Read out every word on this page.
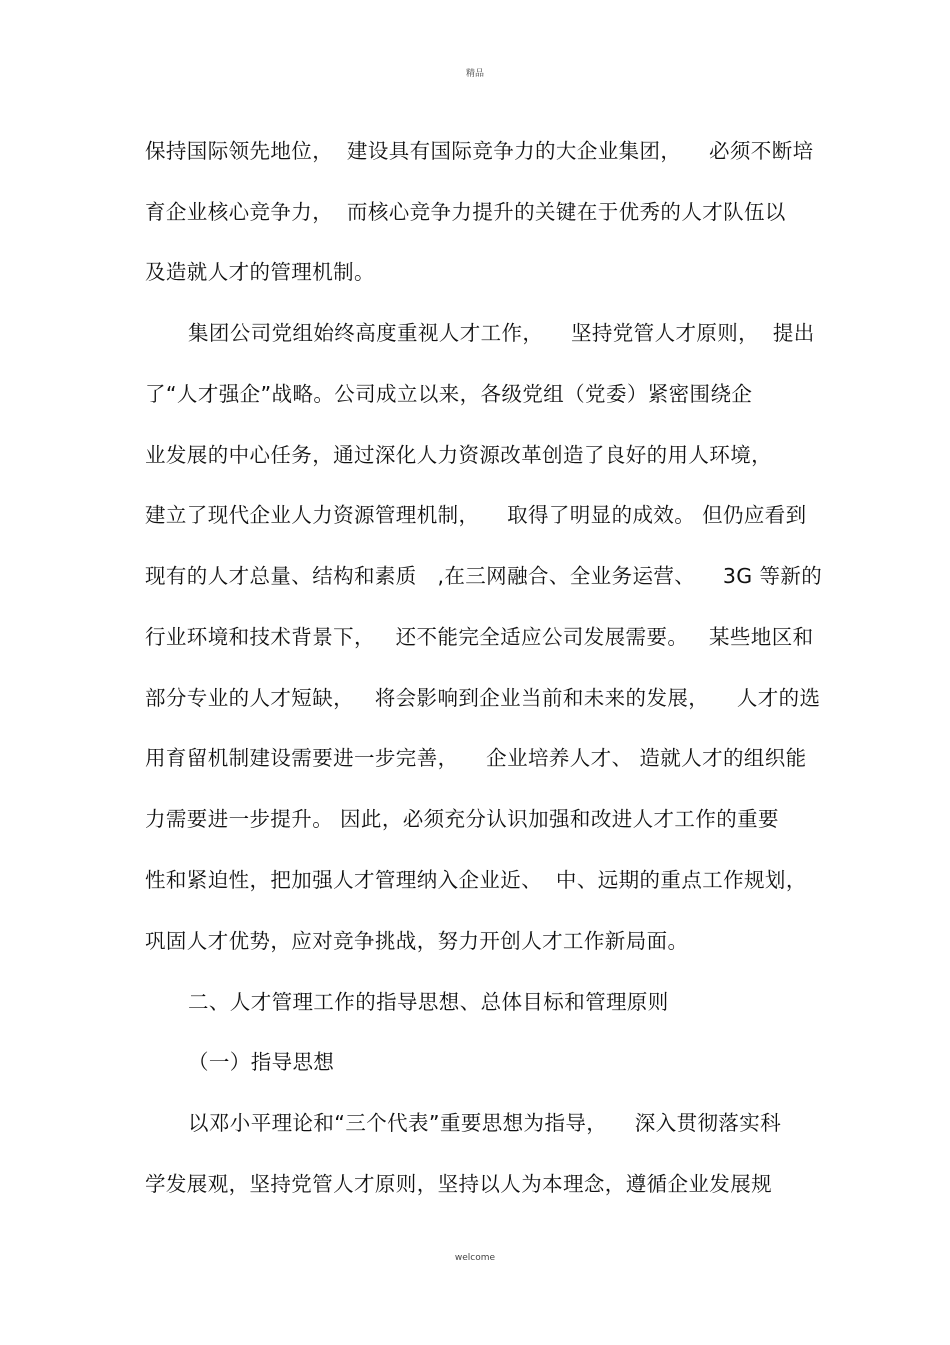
精品
保持国际领先地位，  建设具有国际竞争力的大企业集团，    必须不断培
育企业核心竞争力，  而核心竞争力提升的关键在于优秀的人才队伍以
及造就人才的管理机制。
集团公司党组始终高度重视人才工作，    坚持党管人才原则，  提出
了“人才强企”战略。公司成立以来，各级党组（党委）紧密围绕企
业发展的中心任务，通过深化人力资源改革创造了良好的用人环境，
建立了现代企业人力资源管理机制，    取得了明显的成效。 但仍应看到
现有的人才总量、结构和素质   ,在三网融合、全业务运营、    3G 等新的
行业环境和技术背景下，   还不能完全适应公司发展需要。   某些地区和
部分专业的人才短缺，   将会影响到企业当前和未来的发展，    人才的选
用育留机制建设需要进一步完善，    企业培养人才、 造就人才的组织能
力需要进一步提升。 因此，必须充分认识加强和改进人才工作的重要
性和紧迫性，把加强人才管理纳入企业近、  中、远期的重点工作规划，
巩固人才优势，应对竞争挑战，努力开创人才工作新局面。
二、人才管理工作的指导思想、总体目标和管理原则
（一）指导思想
以邓小平理论和“三个代表”重要思想为指导，    深入贯彻落实科
学发展观，坚持党管人才原则，坚持以人为本理念，遵循企业发展规
welcome
